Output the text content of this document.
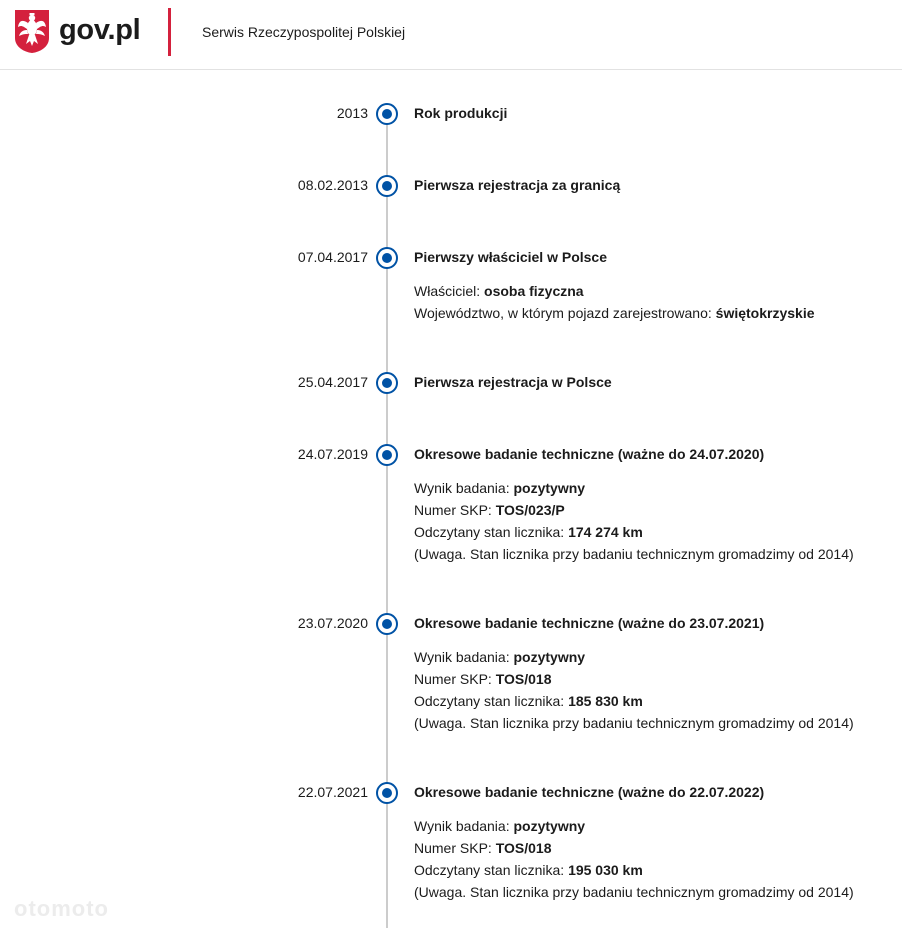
gov.pl	Serwis Rzeczypospolitej Polskiej
2013	Rok produkcji
08.02.2013	Pierwsza rejestracja za granicą
07.04.2017	Pierwszy właściciel w Polsce
Właściciel: osoba fizyczna
Województwo, w którym pojazd zarejestrowano: świętokrzyskie
25.04.2017	Pierwsza rejestracja w Polsce
24.07.2019	Okresowe badanie techniczne (ważne do 24.07.2020)
Wynik badania: pozytywny
Numer SKP: TOS/023/P
Odczytany stan licznika: 174 274 km
(Uwaga. Stan licznika przy badaniu technicznym gromadzimy od 2014)
23.07.2020	Okresowe badanie techniczne (ważne do 23.07.2021)
Wynik badania: pozytywny
Numer SKP: TOS/018
Odczytany stan licznika: 185 830 km
(Uwaga. Stan licznika przy badaniu technicznym gromadzimy od 2014)
22.07.2021	Okresowe badanie techniczne (ważne do 22.07.2022)
Wynik badania: pozytywny
Numer SKP: TOS/018
Odczytany stan licznika: 195 030 km
(Uwaga. Stan licznika przy badaniu technicznym gromadzimy od 2014)
otomoto
